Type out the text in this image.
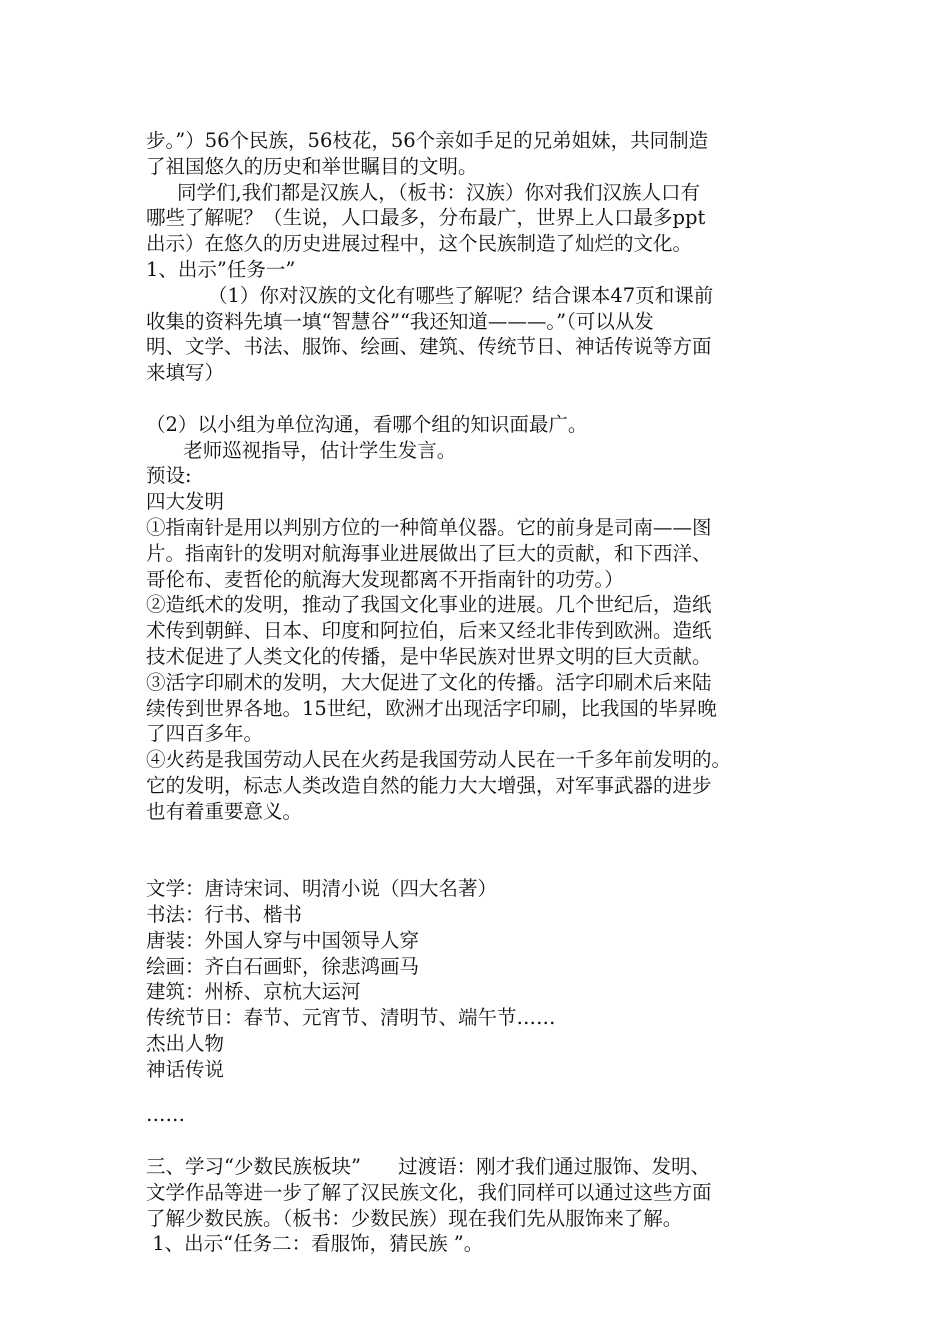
步。”）56个民族，56枝花，56个亲如手足的兄弟姐妹，共同制造
了祖国悠久的历史和举世瞩目的文明。
同学们,我们都是汉族人，（板书：汉族）你对我们汉族人口有
哪些了解呢？（生说，人口最多，分布最广，世界上人口最多ppt
出示）在悠久的历史进展过程中，这个民族制造了灿烂的文化。
1、出示”任务一”
（1）你对汉族的文化有哪些了解呢？结合课本47页和课前
收集的资料先填一填“智慧谷”“我还知道———。”（可以从发
明、文学、书法、服饰、绘画、建筑、传统节日、神话传说等方面
来填写）
（2）以小组为单位沟通，看哪个组的知识面最广。
老师巡视指导，估计学生发言。
预设:
四大发明
①指南针是用以判别方位的一种简单仪器。它的前身是司南——图
片。指南针的发明对航海事业进展做出了巨大的贡献，和下西洋、
哥伦布、麦哲伦的航海大发现都离不开指南针的功劳。）
②造纸术的发明，推动了我国文化事业的进展。几个世纪后，造纸
术传到朝鲜、日本、印度和阿拉伯，后来又经北非传到欧洲。造纸
技术促进了人类文化的传播，是中华民族对世界文明的巨大贡献。
③活字印刷术的发明，大大促进了文化的传播。活字印刷术后来陆
续传到世界各地。15世纪，欧洲才出现活字印刷，比我国的毕昇晚
了四百多年。
④火药是我国劳动人民在火药是我国劳动人民在一千多年前发明的。
它的发明，标志人类改造自然的能力大大增强，对军事武器的进步
也有着重要意义。
文学：唐诗宋词、明清小说（四大名著）
书法：行书、楷书
唐装：外国人穿与中国领导人穿
绘画：齐白石画虾，徐悲鸿画马
建筑：州桥、京杭大运河
传统节日：春节、元宵节、清明节、端午节……
杰出人物
神话传说
……
三、学习“少数民族板块”      过渡语：刚才我们通过服饰、发明、
文学作品等进一步了解了汉民族文化，我们同样可以通过这些方面
了解少数民族。（板书：少数民族）现在我们先从服饰来了解。
1、出示“任务二：看服饰，猜民族 ”。
